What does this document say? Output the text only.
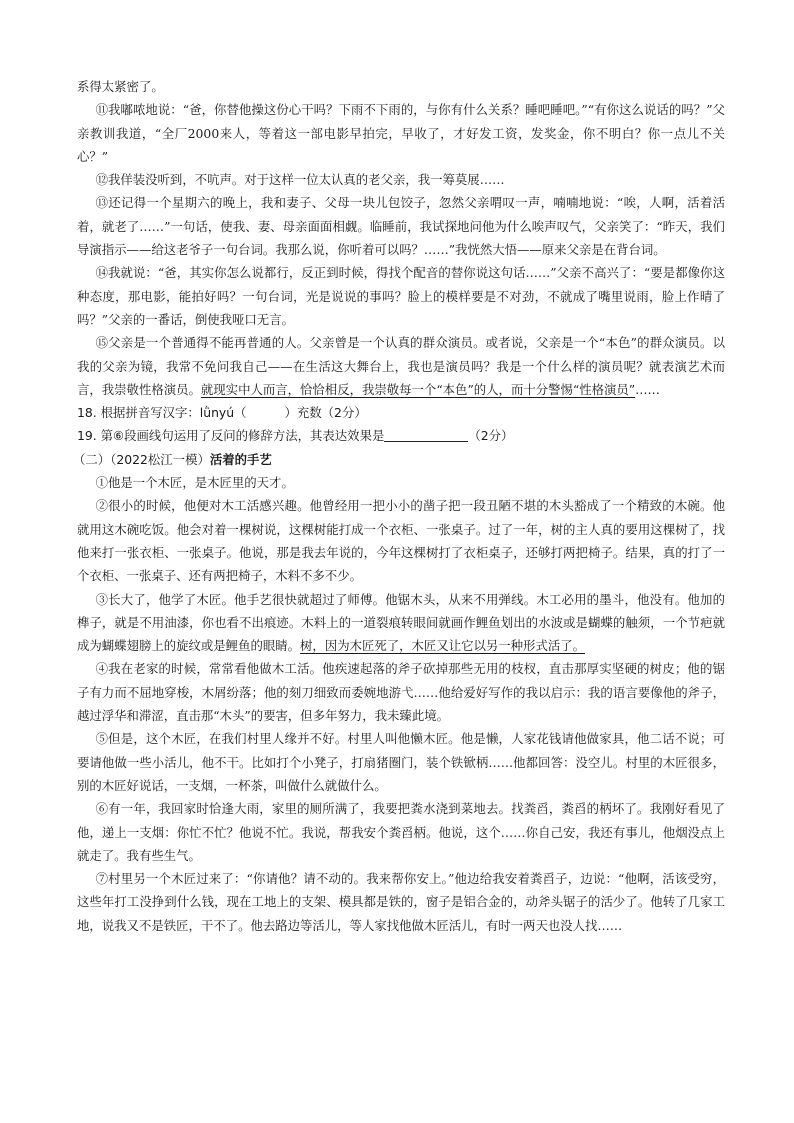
系得太紧密了。

⑪我嘟哝地说：“爸，你替他操这份心干吗？下雨不下雨的，与你有什么关系？睡吧睡吧。”“有你这么说话的吗？”父亲教训我道，“全厂2000来人，等着这一部电影早拍完，早收了，才好发工资，发奖金，你不明白？你一点儿不关心？”

⑫我佯装没听到，不吭声。对于这样一位太认真的老父亲，我一筹莫展……

⑬还记得一个星期六的晚上，我和妻子、父母一块儿包饺子，忽然父亲喟叹一声，喃喃地说：“唉，人啊，活着活着，就老了……”一句话，使我、妻、母亲面面相觑。临睡前，我试探地问他为什么唉声叹气，父亲笑了：“昨天，我们导演指示——给这老爷子一句台词。我那么说，你听着可以吗？……”我恍然大悟——原来父亲是在背台词。

⑭我就说：“爸，其实你怎么说都行，反正到时候，得找个配音的替你说这句话……”父亲不高兴了：“要是都像你这种态度，那电影，能拍好吗？一句台词，光是说说的事吗？脸上的模样要是不对劲，不就成了嘴里说雨，脸上作晴了吗？”父亲的一番话，倒使我哑口无言。

⑮父亲是一个普通得不能再普通的人。父亲曾是一个认真的群众演员。或者说，父亲是一个“本色”的群众演员。以我的父亲为镜，我常不免问我自己——在生活这大舞台上，我也是演员吗？我是一个什么样的演员呢？就表演艺术而言，我崇敬性格演员。就现实中人而言，恰恰相反，我崇敬每一个“本色”的人，而十分警惕“性格演员”……

18. 根据拼音写汉字：lǜnyú（	）充数（2分）

19. 第⑥段画线句运用了反问的修辞方法，其表达效果是	（2分）

（二）（2022松江一模）活着的手艺

①他是一个木匠，是木匠里的天才。

②很小的时候，他便对木工活感兴趣。他曾经用一把小小的凿子把一段丑陋不堪的木头豁成了一个精致的木碗。他就用这木碗吃饭。他会对着一棵树说，这棵树能打成一个衣柜、一张桌子。过了一年，树的主人真的要用这棵树了，找他来打一张衣柜、一张桌子。他说，那是我去年说的，今年这棵树打了衣柜桌子，还够打两把椅子。结果，真的打了一个衣柜、一张桌子、还有两把椅子，木料不多不少。

③长大了，他学了木匠。他手艺很快就超过了师傅。他锯木头，从来不用弹线。木工必用的墨斗，他没有。他加的榫子，就是不用油漆，你也看不出痕迹。木料上的一道裂痕转眼间就画作鲤鱼划出的水波或是蝴蝶的触须，一个节疤就成为蝴蝶翅膀上的旋纹或是鲤鱼的眼睛。树，因为木匠死了，木匠又让它以另一种形式活了。

④我在老家的时候，常常看他做木工活。他疾速起落的斧子砍掉那些无用的枝杈，直击那厚实坚硬的树皮；他的锯子有力而不屈地穿梭，木屑纷落；他的刻刀细致而委婉地游弋……他给爱好写作的我以启示：我的语言要像他的斧子，越过浮华和滞涩，直击那“木头”的要害，但多年努力，我未臻此境。

⑤但是，这个木匠，在我们村里人缘并不好。村里人叫他懒木匠。他是懒，人家花钱请他做家具，他二话不说；可要请他做一些小活儿，他不干。比如打个小凳子，打扇猪圈门，装个铁锨柄……他都回答：没空儿。村里的木匠很多，别的木匠好说话，一支烟，一杯茶，叫做什么就做什么。

⑥有一年，我回家时恰逢大雨，家里的厕所满了，我要把粪水浇到菜地去。找粪舀，粪舀的柄坏了。我刚好看见了他，递上一支烟：你忙不忙？他说不忙。我说，帮我安个粪舀柄。他说，这个……你自己安，我还有事儿，他烟没点上就走了。我有些生气。

⑦村里另一个木匠过来了：“你请他？请不动的。我来帮你安上。”他边给我安着粪舀子，边说：“他啊，活该受穷，这些年打工没挣到什么钱，现在工地上的支架、模具都是铁的，窗子是铝合金的，动斧头锯子的活少了。他转了几家工地，说我又不是铁匠，干不了。他去路边等活儿，等人家找他做木匠活儿，有时一两天也没人找……
